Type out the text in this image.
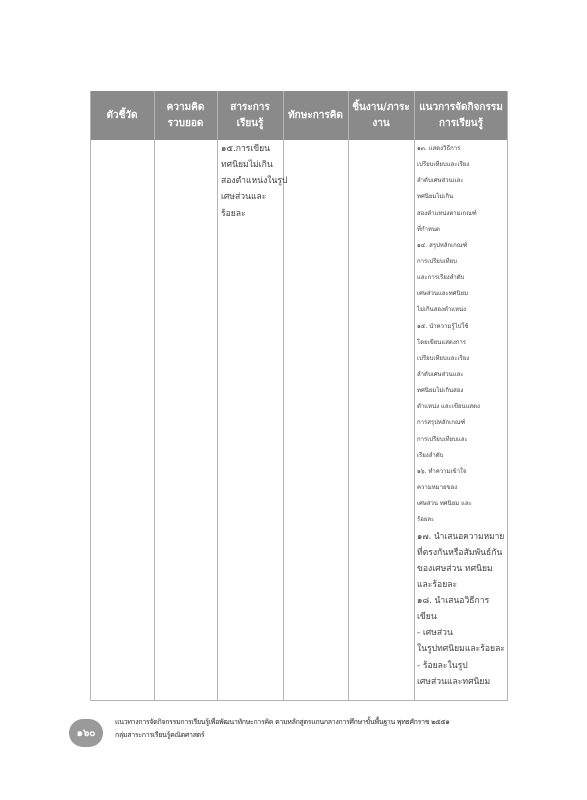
ตัวชี้วัด
ความคิดรวบยอด
สาระการเรียนรู้
ทักษะการคิด
ชิ้นงาน/ภาระงาน
แนวการจัดกิจกรรมการเรียนรู้
๑๕.การเขียน
ทศนิยมไม่เกิน
สองตำแหน่งในรูป
เศษส่วนและ
ร้อยละ
๑๓. แสดงวิธีการ
เปรียบเทียบและเรียง
ลำดับเศษส่วนและ
ทศนิยมไม่เกิน
สองตำแหน่งตามเกณฑ์
ที่กำหนด
๑๔. สรุปหลักเกณฑ์
การเปรียบเทียบ
และการเรียงลำดับ
เศษส่วนและทศนิยม
ไม่เกินสองตำแหน่ง
๑๕. นำความรู้ไปใช้
โดยเขียนแสดงการ
เปรียบเทียบและเรียง
ลำดับเศษส่วนและ
ทศนิยมไม่เกินสอง
ตำแหน่ง และเขียนแสดง
การสรุปหลักเกณฑ์
การเปรียบเทียบและ
เรียงลำดับ
๑๖. ทำความเข้าใจ
ความหมายของ
เศษส่วน ทศนิยม และ
ร้อยละ
๑๗. นำเสนอความหมาย
ที่ตรงกันหรือสัมพันธ์กัน
ของเศษส่วน ทศนิยม
และร้อยละ
๑๘. นำเสนอวิธีการ
เขียน
- เศษส่วน
ในรูปทศนิยมและร้อยละ
- ร้อยละในรูป
เศษส่วนและทศนิยม
๑๖๐
แนวทางการจัดกิจกรรมการเรียนรู้เพื่อพัฒนาทักษะการคิด ตามหลักสูตรแกนกลางการศึกษาขั้นพื้นฐาน พุทธศักราช ๒๕๕๑
กลุ่มสาระการเรียนรู้คณิตศาสตร์
